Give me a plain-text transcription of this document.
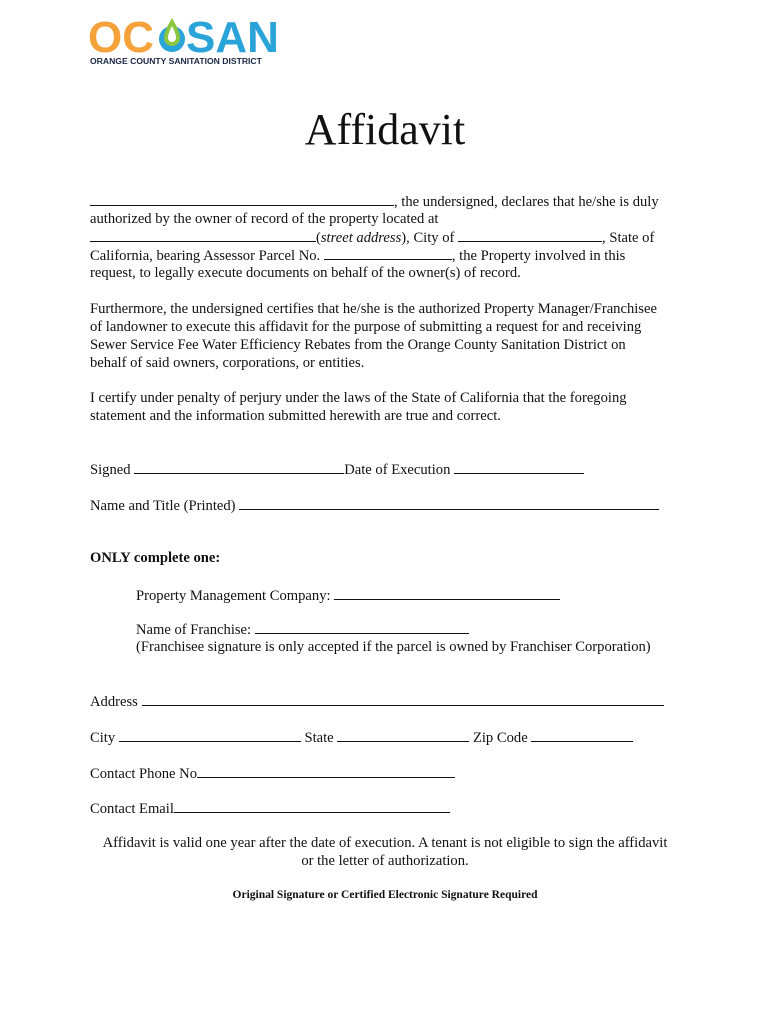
OC SAN
ORANGE COUNTY SANITATION DISTRICT
Affidavit
, the undersigned, declares that he/she is duly
authorized by the owner of record of the property located at
(street address), City of	, State of
California, bearing Assessor Parcel No.	, the Property involved in this
request, to legally execute documents on behalf of the owner(s) of record.
Furthermore, the undersigned certifies that he/she is the authorized Property Manager/Franchisee
of landowner to execute this affidavit for the purpose of submitting a request for and receiving
Sewer Service Fee Water Efficiency Rebates from the Orange County Sanitation District on
behalf of said owners, corporations, or entities.
I certify under penalty of perjury under the laws of the State of California that the foregoing
statement and the information submitted herewith are true and correct.
Signed	Date of Execution
Name and Title (Printed)
ONLY complete one:
Property Management Company:
Name of Franchise:
(Franchisee signature is only accepted if the parcel is owned by Franchiser Corporation)
Address
City	State	Zip Code
Contact Phone No
Contact Email
Affidavit is valid one year after the date of execution. A tenant is not eligible to sign the affidavit
or the letter of authorization.
Original Signature or Certified Electronic Signature Required
